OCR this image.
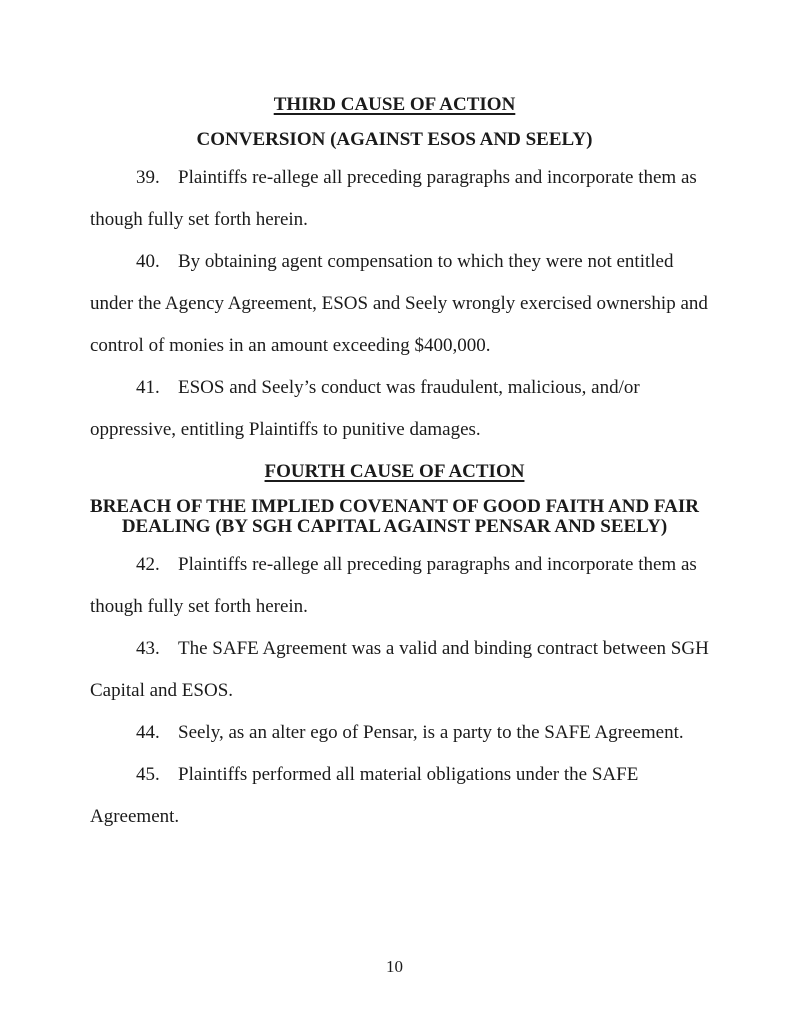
THIRD CAUSE OF ACTION
CONVERSION (AGAINST ESOS AND SEELY)
39. Plaintiffs re-allege all preceding paragraphs and incorporate them as
though fully set forth herein.
40. By obtaining agent compensation to which they were not entitled
under the Agency Agreement, ESOS and Seely wrongly exercised ownership and
control of monies in an amount exceeding $400,000.
41. ESOS and Seely’s conduct was fraudulent, malicious, and/or
oppressive, entitling Plaintiffs to punitive damages.
FOURTH CAUSE OF ACTION
BREACH OF THE IMPLIED COVENANT OF GOOD FAITH AND FAIR
DEALING (BY SGH CAPITAL AGAINST PENSAR AND SEELY)
42. Plaintiffs re-allege all preceding paragraphs and incorporate them as
though fully set forth herein.
43. The SAFE Agreement was a valid and binding contract between SGH
Capital and ESOS.
44. Seely, as an alter ego of Pensar, is a party to the SAFE Agreement.
45. Plaintiffs performed all material obligations under the SAFE
Agreement.
10
